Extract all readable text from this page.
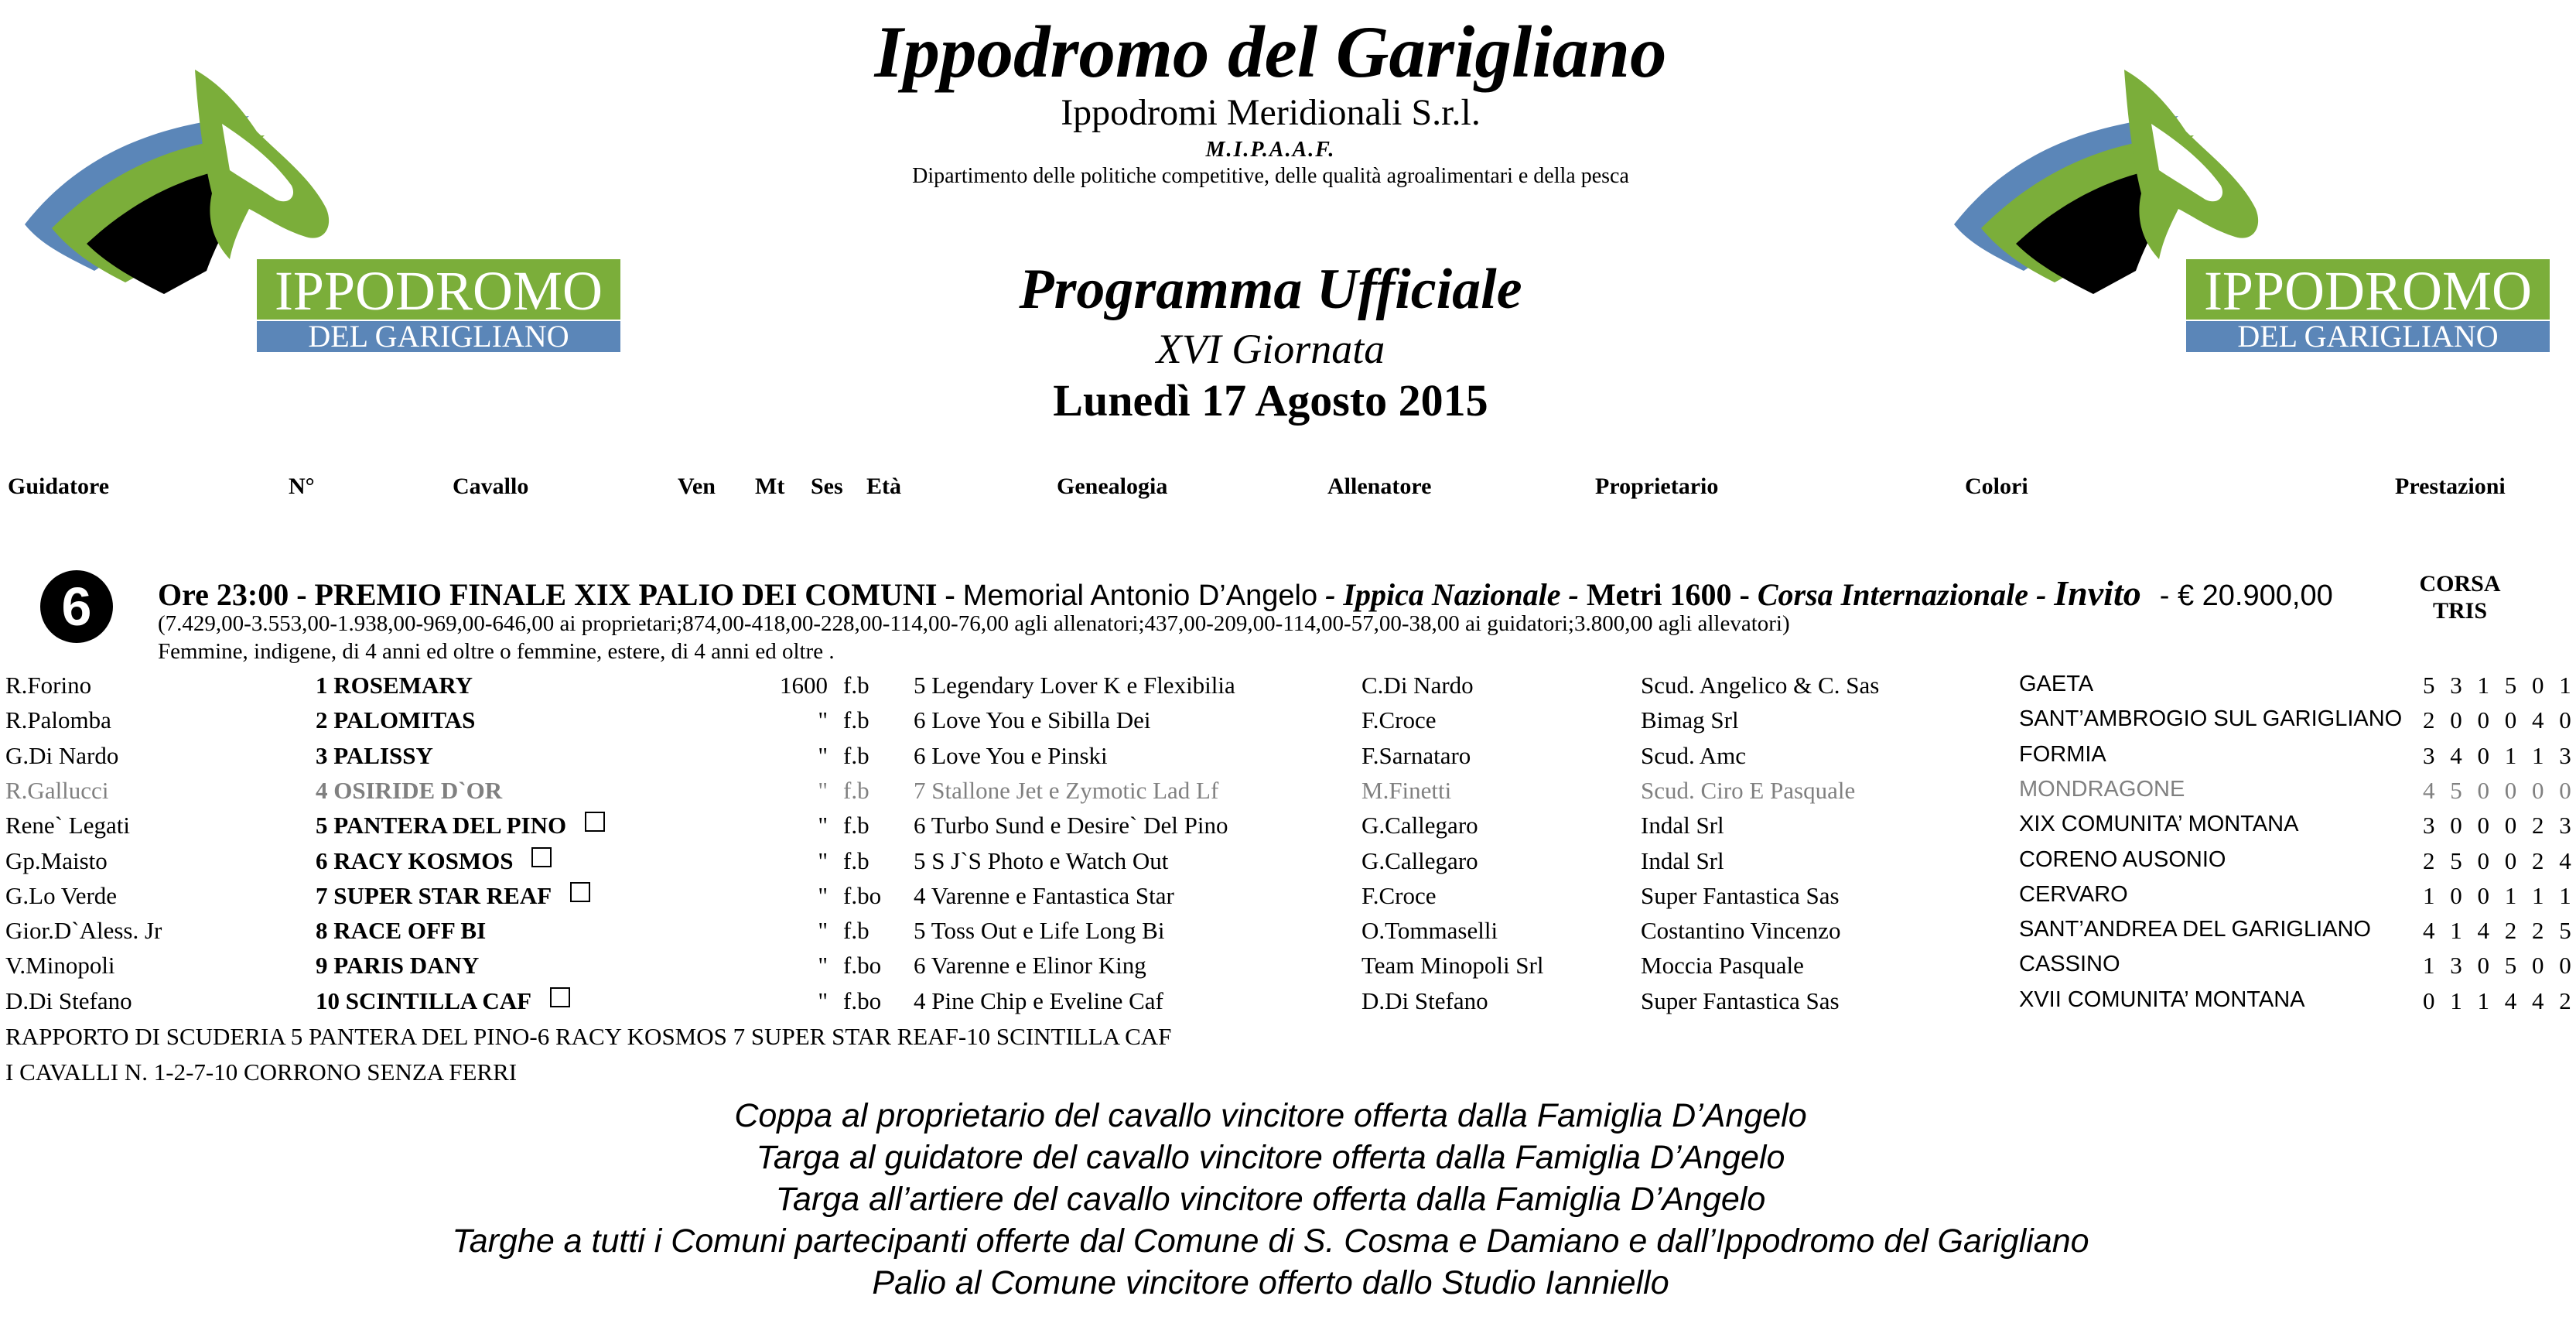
IPPODROMO
DEL GARIGLIANO
IPPODROMO
DEL GARIGLIANO
Ippodromo del Garigliano
Ippodromi Meridionali S.r.l.
M.I.P.A.A.F.
Dipartimento delle politiche competitive, delle qualità agroalimentari e della pesca
Programma Ufficiale
XVI Giornata
Lunedì 17 Agosto 2015
Guidatore	N°	Cavallo	Ven Mt Ses Età	Genealogia	Allenatore	Proprietario	Colori	Prestazioni
6	Ore 23:00 - PREMIO FINALE XIX PALIO DEI COMUNI - Memorial Antonio D’Angelo - Ippica Nazionale - Metri 1600 - Corsa Internazionale - Invito - € 20.900,00
(7.429,00-3.553,00-1.938,00-969,00-646,00 ai proprietari;874,00-418,00-228,00-114,00-76,00 agli allenatori;437,00-209,00-114,00-57,00-38,00 ai guidatori;3.800,00 agli allevatori)
Femmine, indigene, di 4 anni ed oltre o femmine, estere, di 4 anni ed oltre .
CORSA
TRIS
R.Forino	1 ROSEMARY	1600 f.b 5 Legendary Lover K e Flexibilia	C.Di Nardo	Scud. Angelico & C. Sas	GAETA	5 3 1 5 0 1
R.Palomba	2 PALOMITAS	" f.b 6 Love You e Sibilla Dei	F.Croce	Bimag Srl	SANT’AMBROGIO SUL GARIGLIANO 2 0 0 0 4 0
G.Di Nardo	3 PALISSY	" f.b 6 Love You e Pinski	F.Sarnataro	Scud. Amc	FORMIA	3 4 0 1 1 3
R.Gallucci	4 OSIRIDE D`OR	" f.b 7 Stallone Jet e Zymotic Lad Lf	M.Finetti	Scud. Ciro E Pasquale	MONDRAGONE	4 5 0 0 0 0
Rene` Legati	5 PANTERA DEL PINO	" f.b 6 Turbo Sund e Desire` Del Pino	G.Callegaro	Indal Srl	XIX COMUNITA’ MONTANA	3 0 0 0 2 3
Gp.Maisto	6 RACY KOSMOS	" f.b 5 S J`S Photo e Watch Out	G.Callegaro	Indal Srl	CORENO AUSONIO	2 5 0 0 2 4
G.Lo Verde	7 SUPER STAR REAF	" f.bo 4 Varenne e Fantastica Star	F.Croce	Super Fantastica Sas	CERVARO	1 0 0 1 1 1
Gior.D`Aless. Jr	8 RACE OFF BI	" f.b 5 Toss Out e Life Long Bi	O.Tommaselli	Costantino Vincenzo	SANT’ANDREA DEL GARIGLIANO 4 1 4 2 2 5
V.Minopoli	9 PARIS DANY	" f.bo 6 Varenne e Elinor King	Team Minopoli Srl	Moccia Pasquale	CASSINO	1 3 0 5 0 0
D.Di Stefano	10 SCINTILLA CAF	" f.bo 4 Pine Chip e Eveline Caf	D.Di Stefano	Super Fantastica Sas	XVII COMUNITA’ MONTANA	0 1 1 4 4 2
RAPPORTO DI SCUDERIA 5 PANTERA DEL PINO-6 RACY KOSMOS 7 SUPER STAR REAF-10 SCINTILLA CAF
I CAVALLI N. 1-2-7-10 CORRONO SENZA FERRI
Coppa al proprietario del cavallo vincitore offerta dalla Famiglia D’Angelo
Targa al guidatore del cavallo vincitore offerta dalla Famiglia D’Angelo
Targa all’artiere del cavallo vincitore offerta dalla Famiglia D’Angelo
Targhe a tutti i Comuni partecipanti offerte dal Comune di S. Cosma e Damiano e dall’Ippodromo del Garigliano
Palio al Comune vincitore offerto dallo Studio Ianniello
